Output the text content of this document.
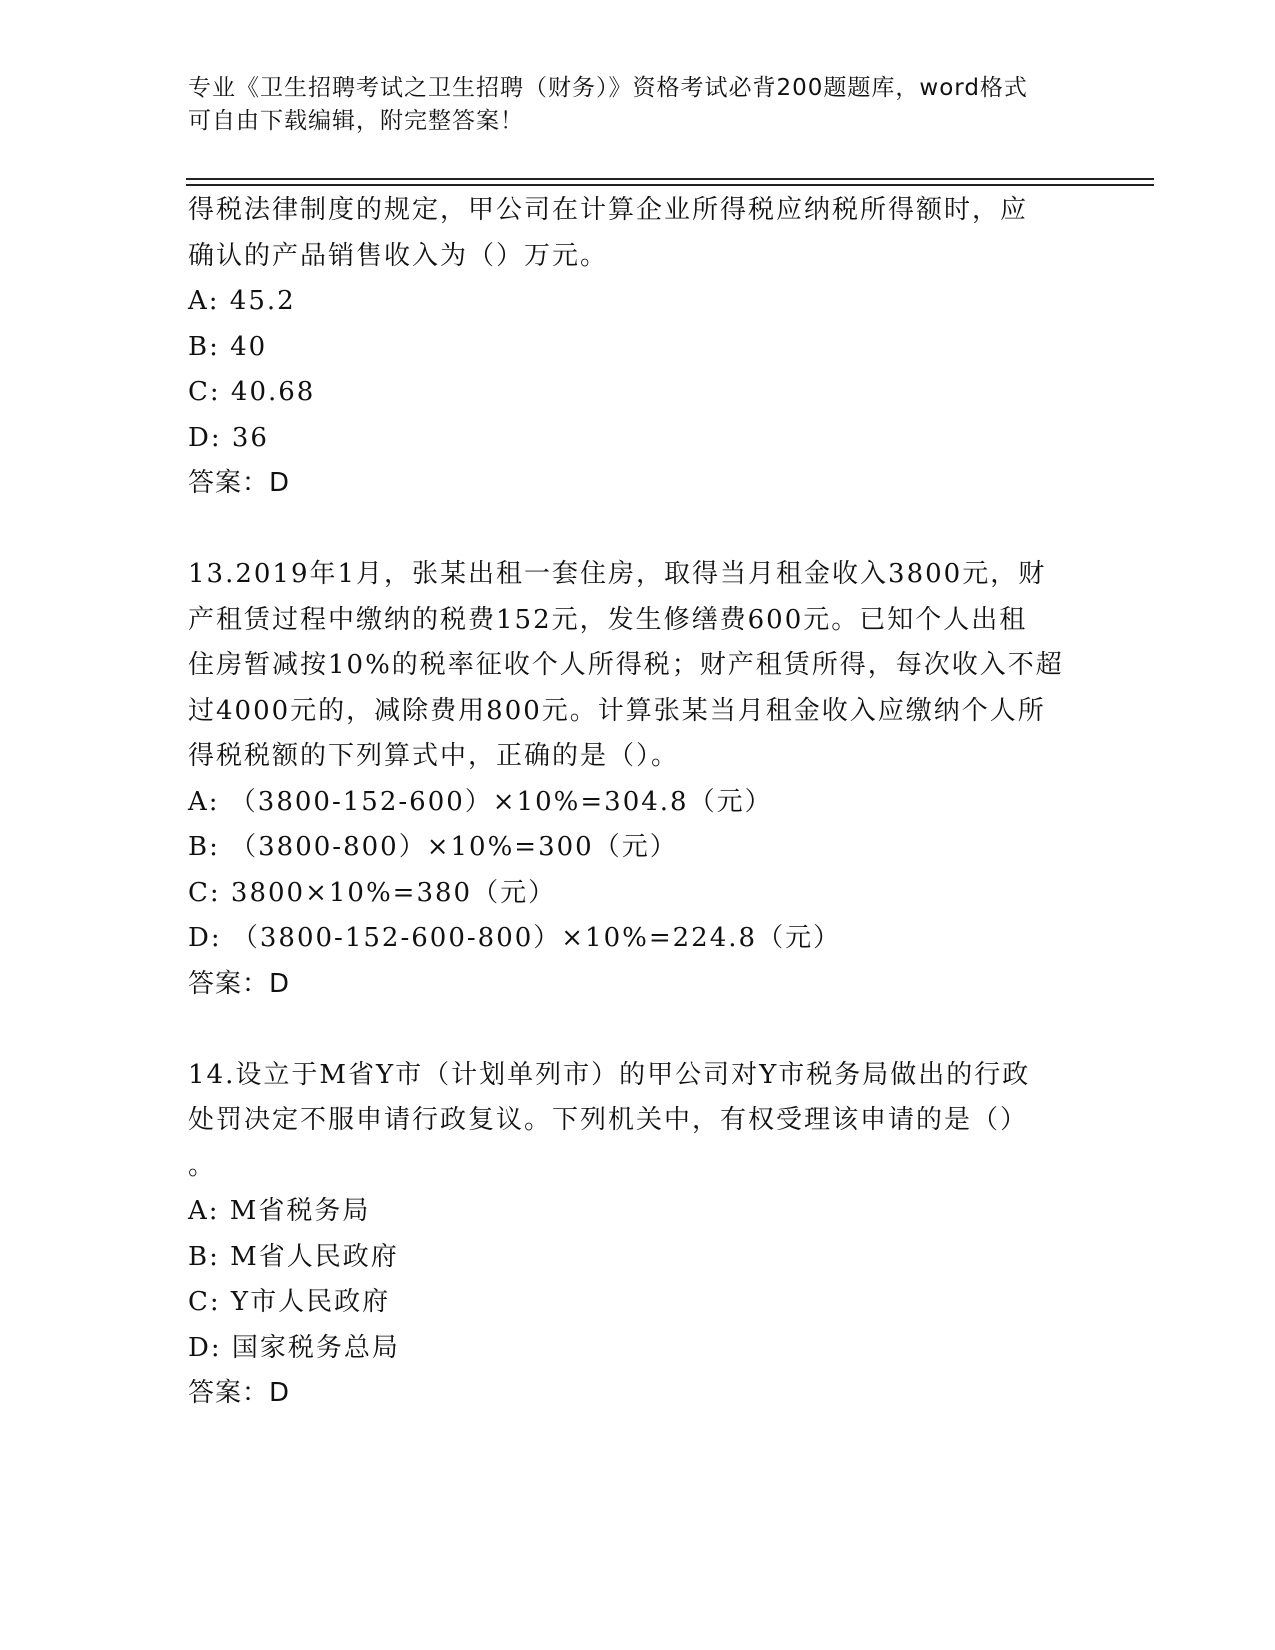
专业《卫生招聘考试之卫生招聘（财务）》资格考试必背200题题库，word格式
可自由下载编辑，附完整答案！
得税法律制度的规定，甲公司在计算企业所得税应纳税所得额时，应
确认的产品销售收入为（）万元。
A: 45.2
B: 40
C: 40.68
D: 36
答案：D
13.2019年1月，张某出租一套住房，取得当月租金收入3800元，财
产租赁过程中缴纳的税费152元，发生修缮费600元。已知个人出租
住房暂减按10%的税率征收个人所得税；财产租赁所得，每次收入不超
过4000元的，减除费用800元。计算张某当月租金收入应缴纳个人所
得税税额的下列算式中，正确的是（）。
A: （3800-152-600）×10%=304.8（元）
B: （3800-800）×10%=300（元）
C: 3800×10%=380（元）
D: （3800-152-600-800）×10%=224.8（元）
答案：D
14.设立于M省Y市（计划单列市）的甲公司对Y市税务局做出的行政
处罚决定不服申请行政复议。下列机关中，有权受理该申请的是（）
。
A: M省税务局
B: M省人民政府
C: Y市人民政府
D: 国家税务总局
答案：D
